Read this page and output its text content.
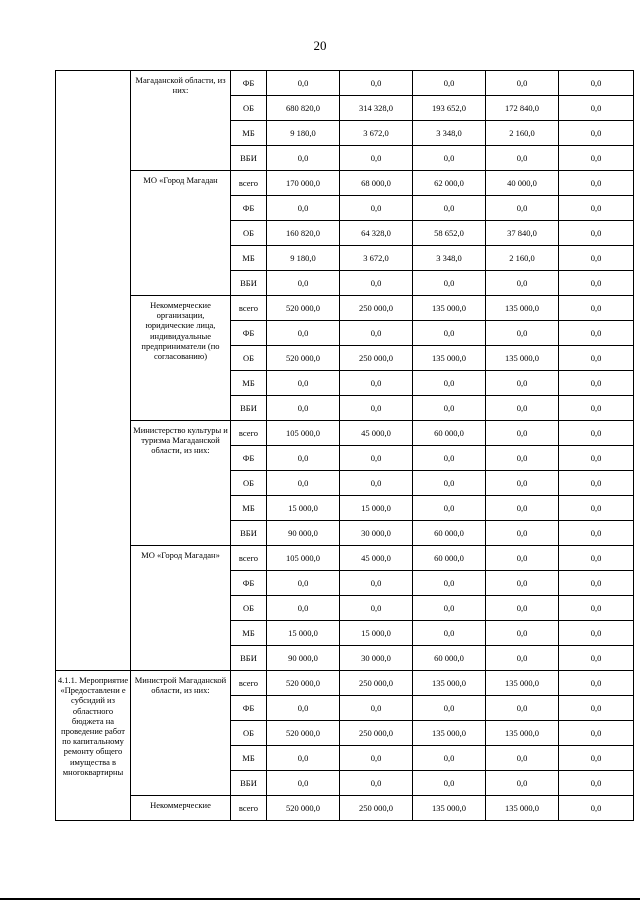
20
	Магаданской области, из них:	ФБ	0,0	0,0	0,0	0,0	0,0
		ОБ	680 820,0	314 328,0	193 652,0	172 840,0	0,0
		МБ	9 180,0	3 672,0	3 348,0	2 160,0	0,0
		ВБИ	0,0	0,0	0,0	0,0	0,0
	МО «Город Магадан	всего	170 000,0	68 000,0	62 000,0	40 000,0	0,0
		ФБ	0,0	0,0	0,0	0,0	0,0
		ОБ	160 820,0	64 328,0	58 652,0	37 840,0	0,0
		МБ	9 180,0	3 672,0	3 348,0	2 160,0	0,0
		ВБИ	0,0	0,0	0,0	0,0	0,0
	Некоммерческие организации, юридические лица, индивидуальные предприниматели (по согласованию)	всего	520 000,0	250 000,0	135 000,0	135 000,0	0,0
		ФБ	0,0	0,0	0,0	0,0	0,0
		ОБ	520 000,0	250 000,0	135 000,0	135 000,0	0,0
		МБ	0,0	0,0	0,0	0,0	0,0
		ВБИ	0,0	0,0	0,0	0,0	0,0
	Министерство культуры и туризма Магаданской области, из них:	всего	105 000,0	45 000,0	60 000,0	0,0	0,0
		ФБ	0,0	0,0	0,0	0,0	0,0
		ОБ	0,0	0,0	0,0	0,0	0,0
		МБ	15 000,0	15 000,0	0,0	0,0	0,0
		ВБИ	90 000,0	30 000,0	60 000,0	0,0	0,0
	МО «Город Магадан»	всего	105 000,0	45 000,0	60 000,0	0,0	0,0
		ФБ	0,0	0,0	0,0	0,0	0,0
		ОБ	0,0	0,0	0,0	0,0	0,0
		МБ	15 000,0	15 000,0	0,0	0,0	0,0
		ВБИ	90 000,0	30 000,0	60 000,0	0,0	0,0
4.1.1. Мероприятие «Предоставлени е субсидий из областного бюджета на проведение работ по капитальному ремонту общего имущества в многоквартирны	Министрой Магаданской области, из них:	всего	520 000,0	250 000,0	135 000,0	135 000,0	0,0
		ФБ	0,0	0,0	0,0	0,0	0,0
		ОБ	520 000,0	250 000,0	135 000,0	135 000,0	0,0
		МБ	0,0	0,0	0,0	0,0	0,0
		ВБИ	0,0	0,0	0,0	0,0	0,0
	Некоммерческие	всего	520 000,0	250 000,0	135 000,0	135 000,0	0,0
